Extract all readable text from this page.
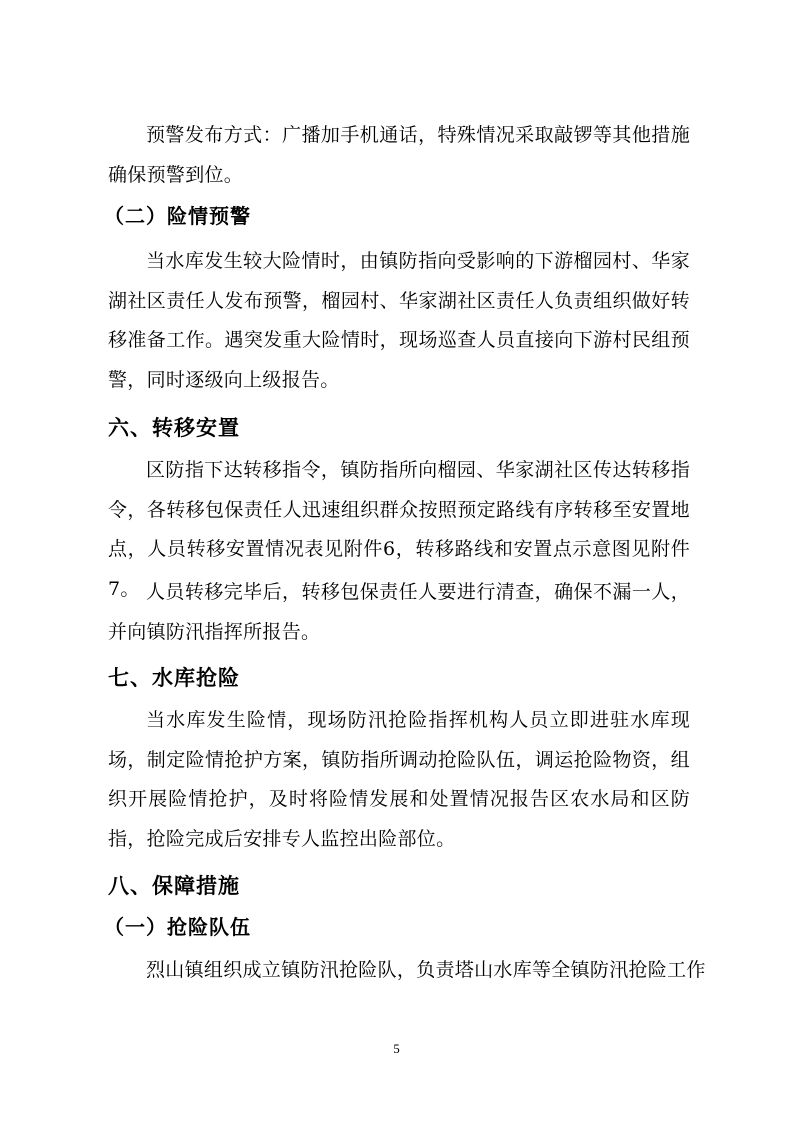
预警发布方式：广播加手机通话，特殊情况采取敲锣等其他措施确保预警到位。

（二）险情预警

当水库发生较大险情时，由镇防指向受影响的下游榴园村、华家湖社区责任人发布预警，榴园村、华家湖社区责任人负责组织做好转移准备工作。遇突发重大险情时，现场巡查人员直接向下游村民组预警，同时逐级向上级报告。

六、转移安置

区防指下达转移指令，镇防指所向榴园、华家湖社区传达转移指令，各转移包保责任人迅速组织群众按照预定路线有序转移至安置地点，人员转移安置情况表见附件6，转移路线和安置点示意图见附件7。 人员转移完毕后，转移包保责任人要进行清查，确保不漏一人，并向镇防汛指挥所报告。

七、水库抢险

当水库发生险情，现场防汛抢险指挥机构人员立即进驻水库现场，制定险情抢护方案，镇防指所调动抢险队伍，调运抢险物资，组织开展险情抢护，及时将险情发展和处置情况报告区农水局和区防指，抢险完成后安排专人监控出险部位。

八、保障措施
（一）抢险队伍

烈山镇组织成立镇防汛抢险队，负责塔山水库等全镇防汛抢险工作

5
